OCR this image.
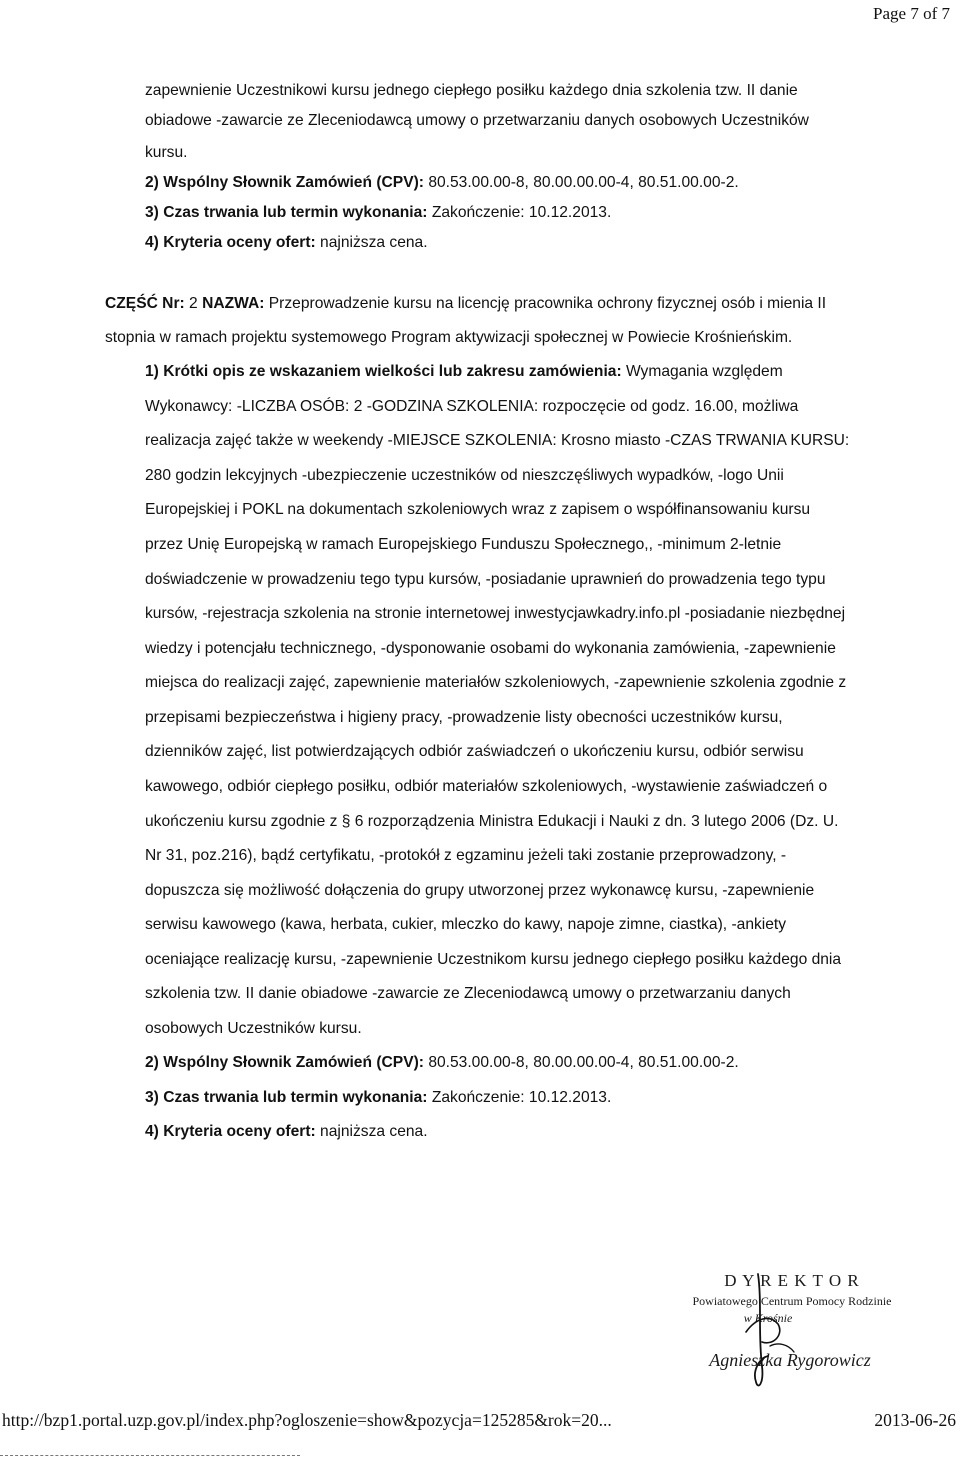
Page 7 of 7
zapewnienie Uczestnikowi kursu jednego ciepłego posiłku każdego dnia szkolenia tzw. II danie
obiadowe -zawarcie ze Zleceniodawcą umowy o przetwarzaniu danych osobowych Uczestników
kursu.
2) Wspólny Słownik Zamówień (CPV): 80.53.00.00-8, 80.00.00.00-4, 80.51.00.00-2.
3) Czas trwania lub termin wykonania: Zakończenie: 10.12.2013.
4) Kryteria oceny ofert: najniższa cena.
CZĘŚĆ Nr: 2 NAZWA: Przeprowadzenie kursu na licencję pracownika ochrony fizycznej osób i mienia II
stopnia w ramach projektu systemowego Program aktywizacji społecznej w Powiecie Krośnieńskim.
1) Krótki opis ze wskazaniem wielkości lub zakresu zamówienia: Wymagania względem
Wykonawcy: -LICZBA OSÓB: 2 -GODZINA SZKOLENIA: rozpoczęcie od godz. 16.00, możliwa
realizacja zajęć także w weekendy -MIEJSCE SZKOLENIA: Krosno miasto -CZAS TRWANIA KURSU:
280 godzin lekcyjnych -ubezpieczenie uczestników od nieszczęśliwych wypadków, -logo Unii
Europejskiej i POKL na dokumentach szkoleniowych wraz z zapisem o współfinansowaniu kursu
przez Unię Europejską w ramach Europejskiego Funduszu Społecznego,, -minimum 2-letnie
doświadczenie w prowadzeniu tego typu kursów, -posiadanie uprawnień do prowadzenia tego typu
kursów, -rejestracja szkolenia na stronie internetowej inwestycjawkadry.info.pl -posiadanie niezbędnej
wiedzy i potencjału technicznego, -dysponowanie osobami do wykonania zamówienia, -zapewnienie
miejsca do realizacji zajęć, zapewnienie materiałów szkoleniowych, -zapewnienie szkolenia zgodnie z
przepisami bezpieczeństwa i higieny pracy, -prowadzenie listy obecności uczestników kursu,
dzienników zajęć, list potwierdzających odbiór zaświadczeń o ukończeniu kursu, odbiór serwisu
kawowego, odbiór ciepłego posiłku, odbiór materiałów szkoleniowych, -wystawienie zaświadczeń o
ukończeniu kursu zgodnie z § 6 rozporządzenia Ministra Edukacji i Nauki z dn. 3 lutego 2006 (Dz. U.
Nr 31, poz.216), bądź certyfikatu, -protokół z egzaminu jeżeli taki zostanie przeprowadzony, -
dopuszcza się możliwość dołączenia do grupy utworzonej przez wykonawcę kursu, -zapewnienie
serwisu kawowego (kawa, herbata, cukier, mleczko do kawy, napoje zimne, ciastka), -ankiety
oceniające realizację kursu, -zapewnienie Uczestnikom kursu jednego ciepłego posiłku każdego dnia
szkolenia tzw. II danie obiadowe -zawarcie ze Zleceniodawcą umowy o przetwarzaniu danych
osobowych Uczestników kursu.
2) Wspólny Słownik Zamówień (CPV): 80.53.00.00-8, 80.00.00.00-4, 80.51.00.00-2.
3) Czas trwania lub termin wykonania: Zakończenie: 10.12.2013.
4) Kryteria oceny ofert: najniższa cena.
D Y R E K T O R
Powiatowego Centrum Pomocy Rodzinie
w Krośnie
Agnieszka Rygorowicz
http://bzp1.portal.uzp.gov.pl/index.php?ogloszenie=show&pozycja=125285&rok=20...	2013-06-26
